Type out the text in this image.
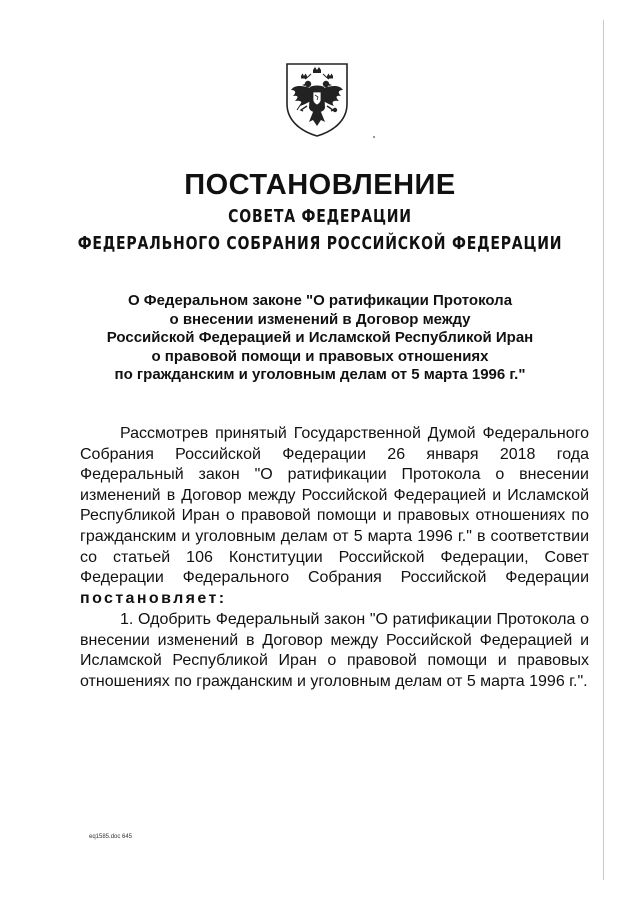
ПОСТАНОВЛЕНИЕ
СОВЕТА ФЕДЕРАЦИИ
ФЕДЕРАЛЬНОГО СОБРАНИЯ РОССИЙСКОЙ ФЕДЕРАЦИИ
О Федеральном законе "О ратификации Протокола
о внесении изменений в Договор между
Российской Федерацией и Исламской Республикой Иран
о правовой помощи и правовых отношениях
по гражданским и уголовным делам от 5 марта 1996 г."

Рассмотрев принятый Государственной Думой Федерального Собрания Российской Федерации 26 января 2018 года Федеральный закон "О ратификации Протокола о внесении изменений в Договор между Российской Федерацией и Исламской Республикой Иран о правовой помощи и правовых отношениях по гражданским и уголовным делам от 5 марта 1996 г." в соответствии со статьей 106 Конституции Российской Федерации, Совет Федерации Федерального Собрания Российской Федерации постановляет:

1. Одобрить Федеральный закон "О ратификации Протокола о внесении изменений в Договор между Российской Федерацией и Исламской Республикой Иран о правовой помощи и правовых отношениях по гражданским и уголовным делам от 5 марта 1996 г.".

eq1585.doc 645
